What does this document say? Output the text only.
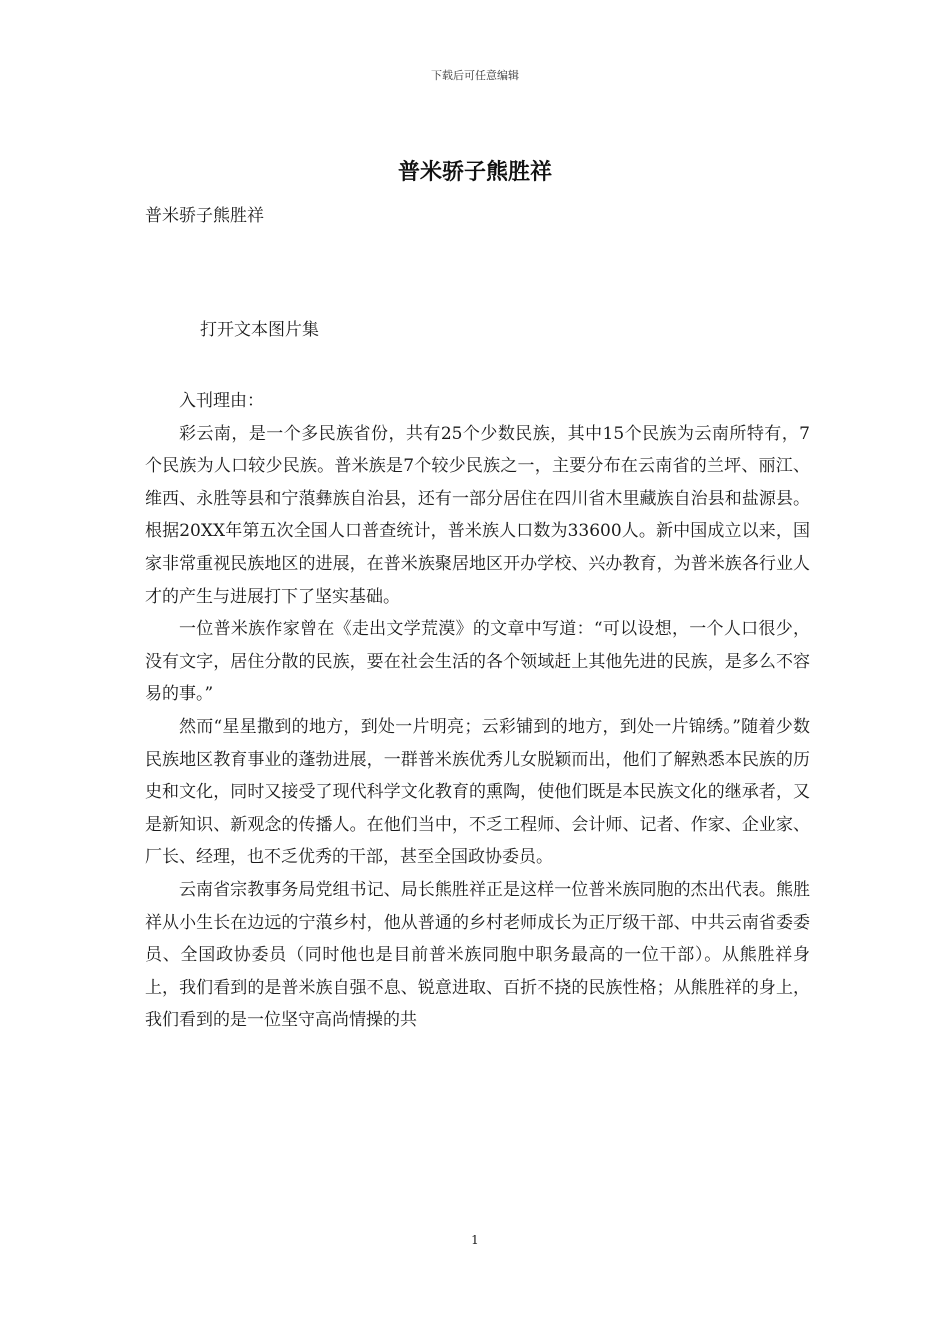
下载后可任意编辑
普米骄子熊胜祥
普米骄子熊胜祥
打开文本图片集

入刊理由：

彩云南，是一个多民族省份，共有25个少数民族，其中15个民族为云南所特有，7个民族为人口较少民族。普米族是7个较少民族之一，主要分布在云南省的兰坪、丽江、维西、永胜等县和宁蒗彝族自治县，还有一部分居住在四川省木里藏族自治县和盐源县。根据20XX年第五次全国人口普查统计，普米族人口数为33600人。新中国成立以来，国家非常重视民族地区的进展，在普米族聚居地区开办学校、兴办教育，为普米族各行业人才的产生与进展打下了坚实基础。

一位普米族作家曾在《走出文学荒漠》的文章中写道：“可以设想，一个人口很少，没有文字，居住分散的民族，要在社会生活的各个领域赶上其他先进的民族，是多么不容易的事。”

然而“星星撒到的地方，到处一片明亮；云彩铺到的地方，到处一片锦绣。”随着少数民族地区教育事业的蓬勃进展，一群普米族优秀儿女脱颖而出，他们了解熟悉本民族的历史和文化，同时又接受了现代科学文化教育的熏陶，使他们既是本民族文化的继承者，又是新知识、新观念的传播人。在他们当中，不乏工程师、会计师、记者、作家、企业家、厂长、经理，也不乏优秀的干部，甚至全国政协委员。

云南省宗教事务局党组书记、局长熊胜祥正是这样一位普米族同胞的杰出代表。熊胜祥从小生长在边远的宁蒗乡村，他从普通的乡村老师成长为正厅级干部、中共云南省委委员、全国政协委员（同时他也是目前普米族同胞中职务最高的一位干部）。从熊胜祥身上，我们看到的是普米族自强不息、锐意进取、百折不挠的民族性格；从熊胜祥的身上，我们看到的是一位坚守高尚情操的共

1
